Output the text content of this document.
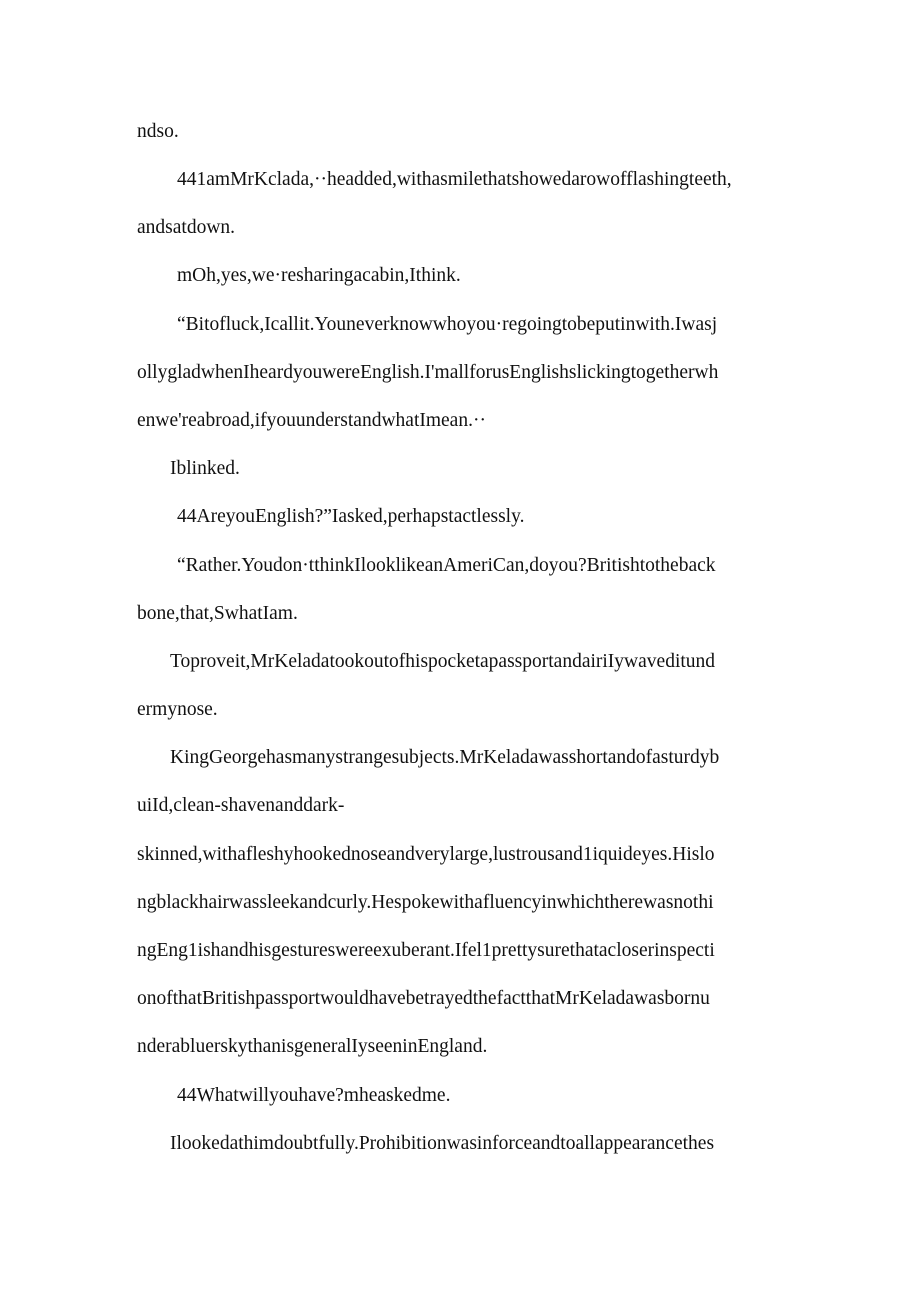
ndso.
441amMrKclada,··headded,withasmilethatshowedarowofflashingteeth,
andsatdown.
mOh,yes,we·resharingacabin,Ithink.
“Bitofluck,Icallit.Youneverknowwhoyou·regoingtobeputinwith.Iwasj
ollygladwhenIheardyouwereEnglish.I'mallforusEnglishslickingtogetherwh
enwe'reabroad,ifyouunderstandwhatImean.··
Iblinked.
44AreyouEnglish?”Iasked,perhapstactlessly.
“Rather.Youdon·tthinkIlooklikeanAmeriCan,doyou?Britishtotheback
bone,that,SwhatIam.
Toproveit,MrKeladatookoutofhispocketapassportandairiIywaveditund
ermynose.
KingGeorgehasmanystrangesubjects.MrKeladawasshortandofasturdyb
uiId,clean-shavenanddark-
skinned,withafleshyhookednoseandverylarge,lustrousand1iquideyes.Hislo
ngblackhairwassleekandcurly.Hespokewithafluencyinwhichtherewasnothi
ngEng1ishandhisgestureswereexuberant.Ifel1prettysurethatacloserinspecti
onofthatBritishpassportwouldhavebetrayedthefactthatMrKeladawasbornu
nderabluerskythanisgeneralIyseeninEngland.
44Whatwillyouhave?mheaskedme.
Ilookedathimdoubtfully.Prohibitionwasinforceandtoallappearancethes
